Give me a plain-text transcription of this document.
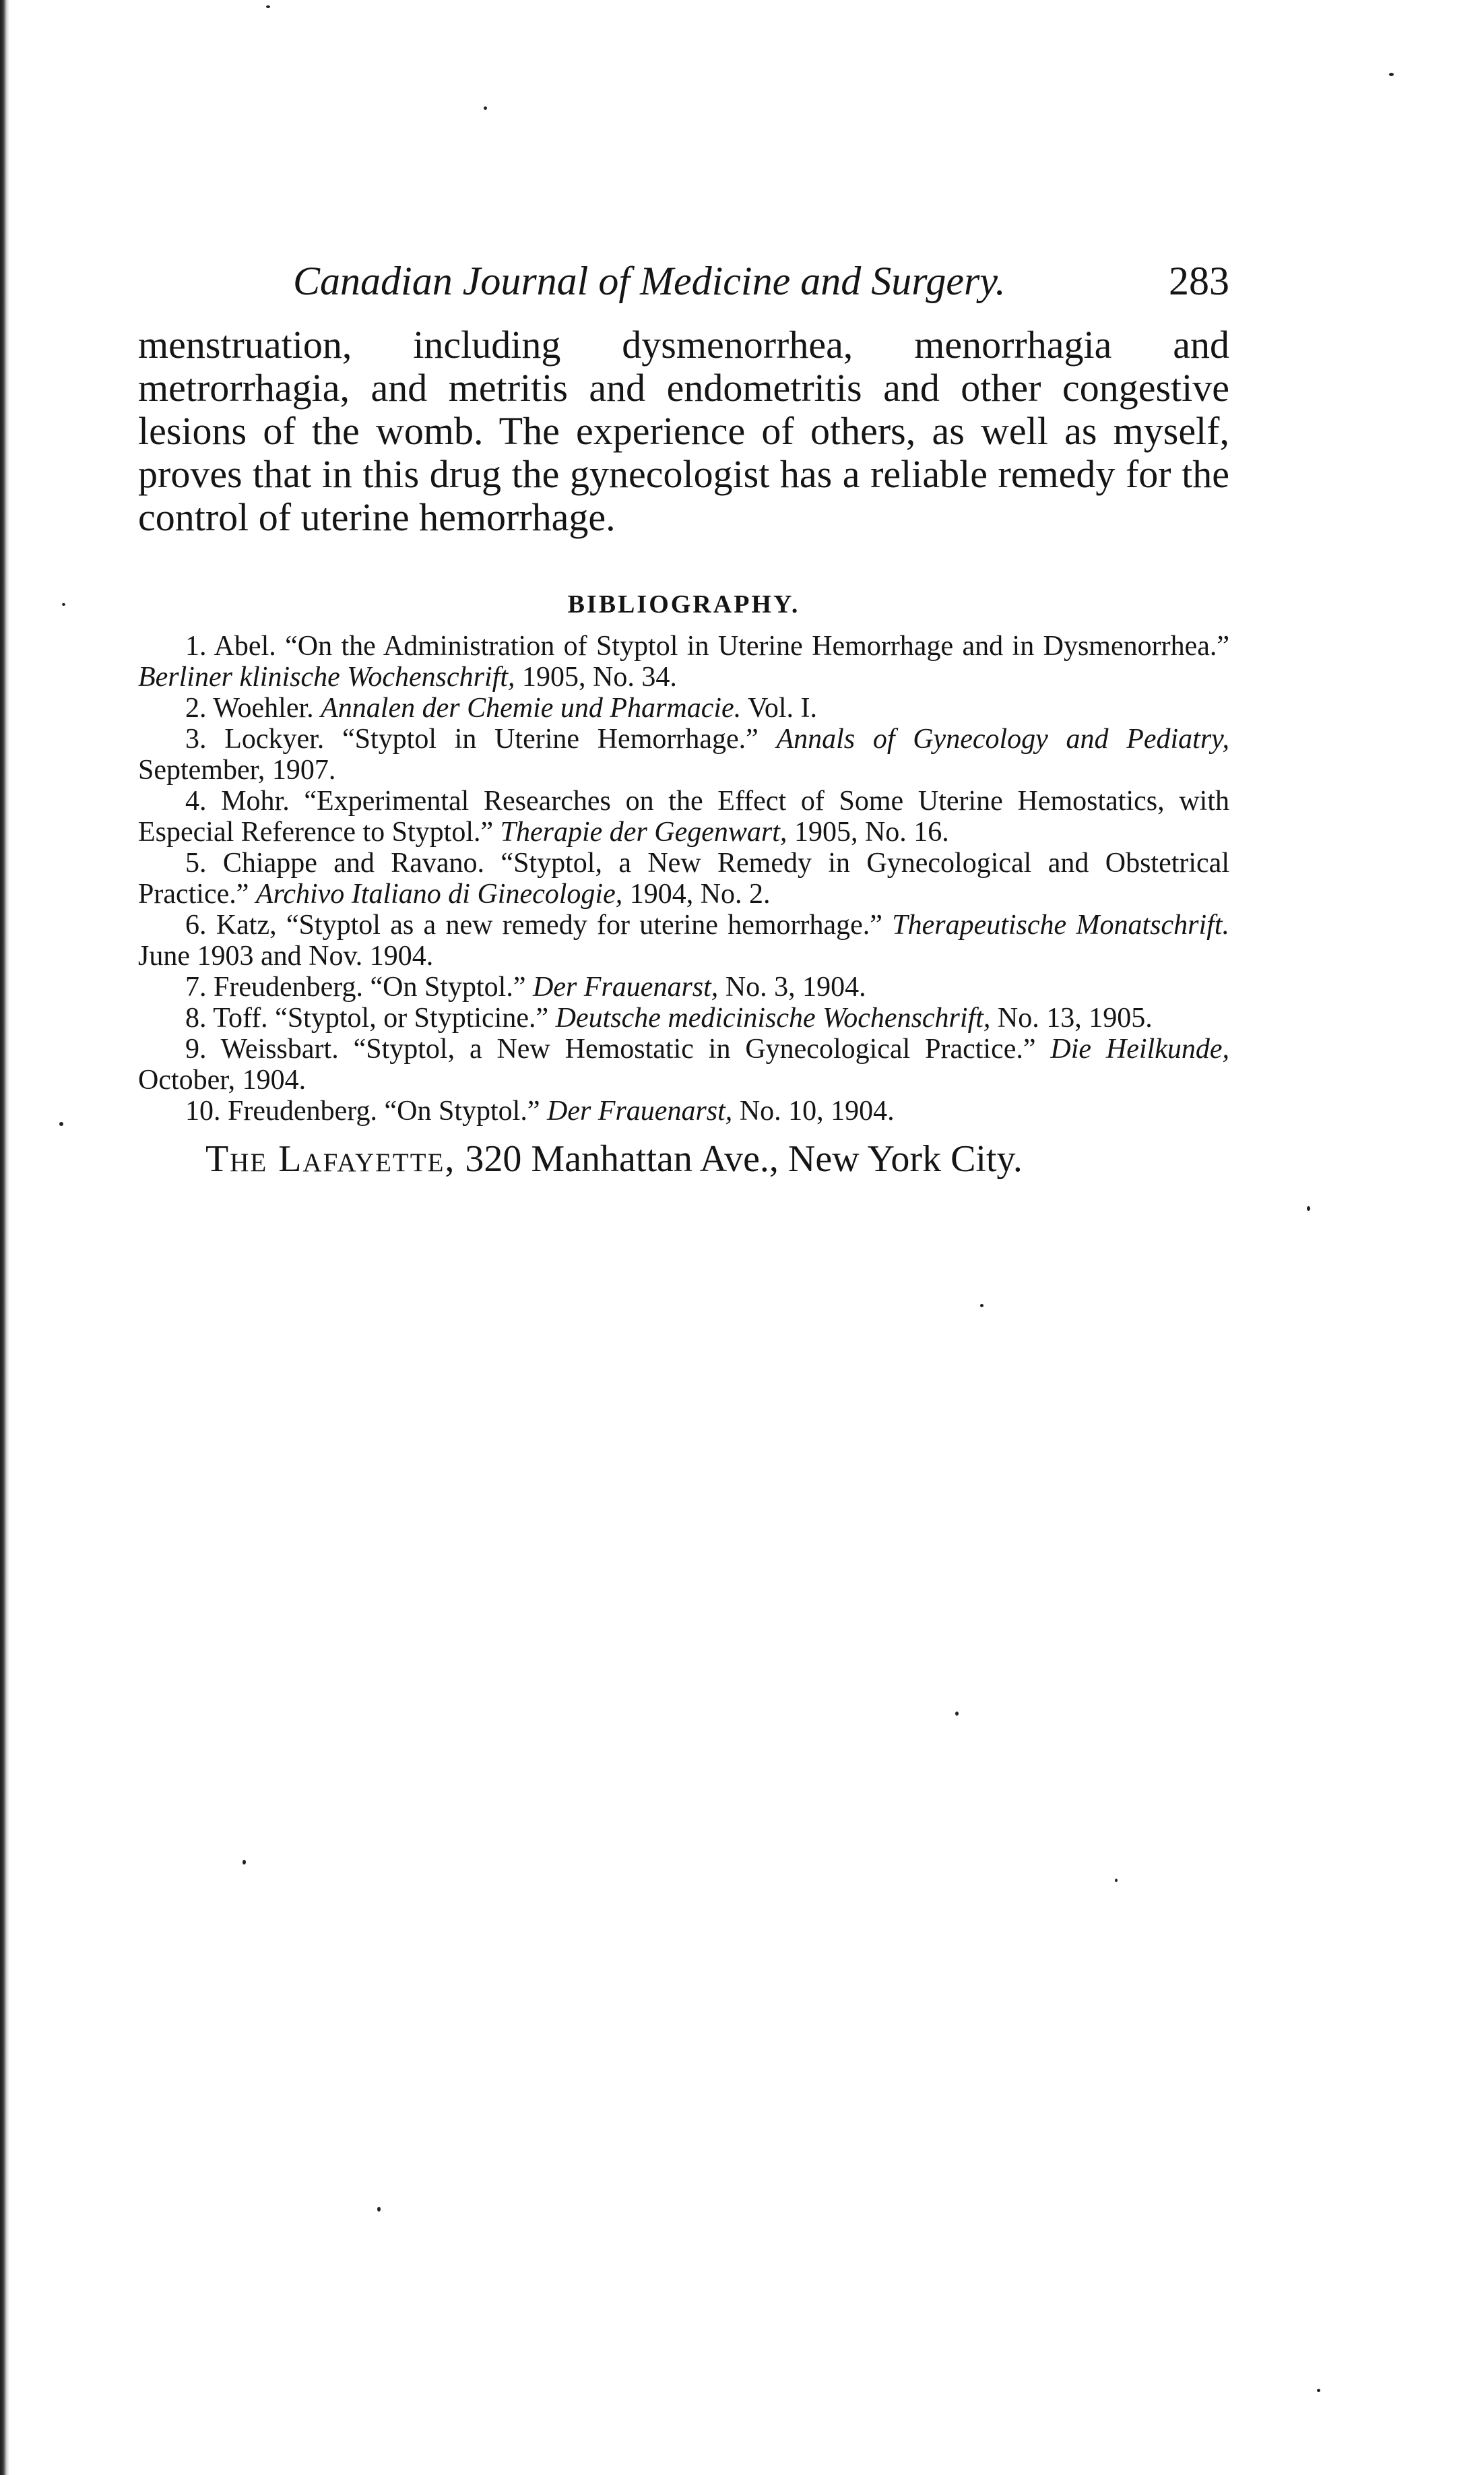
Canadian Journal of Medicine and Surgery.	283

menstruation, including dysmenorrhea, menorrhagia and metrorrhagia, and metritis and endometritis and other congestive lesions of the womb. The experience of others, as well as myself, proves that in this drug the gynecologist has a reliable remedy for the control of uterine hemorrhage.

BIBLIOGRAPHY.
1. Abel. “On the Administration of Styptol in Uterine Hemorrhage and in Dysmenorrhea.” Berliner klinische Wochenschrift, 1905, No. 34.
2. Woehler. Annalen der Chemie und Pharmacie. Vol. I.
3. Lockyer. “Styptol in Uterine Hemorrhage.” Annals of Gynecology and Pediatry, September, 1907.
4. Mohr. “Experimental Researches on the Effect of Some Uterine Hemostatics, with Especial Reference to Styptol.” Therapie der Gegenwart, 1905, No. 16.
5. Chiappe and Ravano. “Styptol, a New Remedy in Gynecological and Obstetrical Practice.” Archivo Italiano di Ginecologie, 1904, No. 2.
6. Katz, “Styptol as a new remedy for uterine hemorrhage.” Therapeutische Monatschrift. June 1903 and Nov. 1904.
7. Freudenberg. “On Styptol.” Der Frauenarst, No. 3, 1904.
8. Toff. “Styptol, or Stypticine.” Deutsche medicinische Wochenschrift, No. 13, 1905.
9. Weissbart. “Styptol, a New Hemostatic in Gynecological Practice.” Die Heilkunde, October, 1904.
10. Freudenberg. “On Styptol.” Der Frauenarst, No. 10, 1904.
The Lafayette, 320 Manhattan Ave., New York City.
